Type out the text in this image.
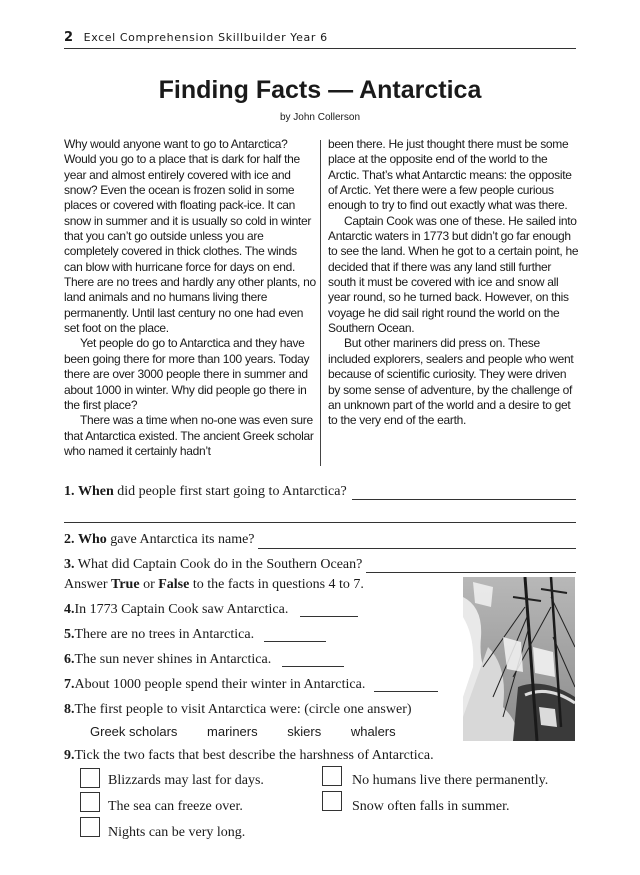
2 Excel Comprehension Skillbuilder Year 6
Finding Facts — Antarctica
by John Collerson

Why would anyone want to go to Antarctica? Would you go to a place that is dark for half the year and almost entirely covered with ice and snow? Even the ocean is frozen solid in some places or covered with floating pack-ice. It can snow in summer and it is usually so cold in winter that you can’t go outside unless you are completely covered in thick clothes. The winds can blow with hurricane force for days on end. There are no trees and hardly any other plants, no land animals and no humans living there permanently. Until last century no one had even set foot on the place.

Yet people do go to Antarctica and they have been going there for more than 100 years. Today there are over 3000 people there in summer and about 1000 in winter. Why did people go there in the first place?

There was a time when no-one was even sure that Antarctica existed. The ancient Greek scholar who named it certainly hadn’t

been there. He just thought there must be some place at the opposite end of the world to the Arctic. That’s what Antarctic means: the opposite of Arctic. Yet there were a few people curious enough to try to find out exactly what was there.

Captain Cook was one of these. He sailed into Antarctic waters in 1773 but didn’t go far enough to see the land. When he got to a certain point, he decided that if there was any land still further south it must be covered with ice and snow all year round, so he turned back. However, on this voyage he did sail right round the world on the Southern Ocean.

But other mariners did press on. These included explorers, sealers and people who went because of scientific curiosity. They were driven by some sense of adventure, by the challenge of an unknown part of the world and a desire to get to the very end of the earth.

1. When did people first start going to Antarctica?
2. Who gave Antarctica its name?
3. What did Captain Cook do in the Southern Ocean?
Answer True or False to the facts in questions 4 to 7.
4.In 1773 Captain Cook saw Antarctica.
5.There are no trees in Antarctica.
6.The sun never shines in Antarctica.
7.About 1000 people spend their winter in Antarctica.
8.The first people to visit Antarctica were: (circle one answer)
Greek scholars mariners skiers whalers
9.Tick the two facts that best describe the harshness of Antarctica.
Blizzards may last for days.	No humans live there permanently.
The sea can freeze over.	Snow often falls in summer.
Nights can be very long.
